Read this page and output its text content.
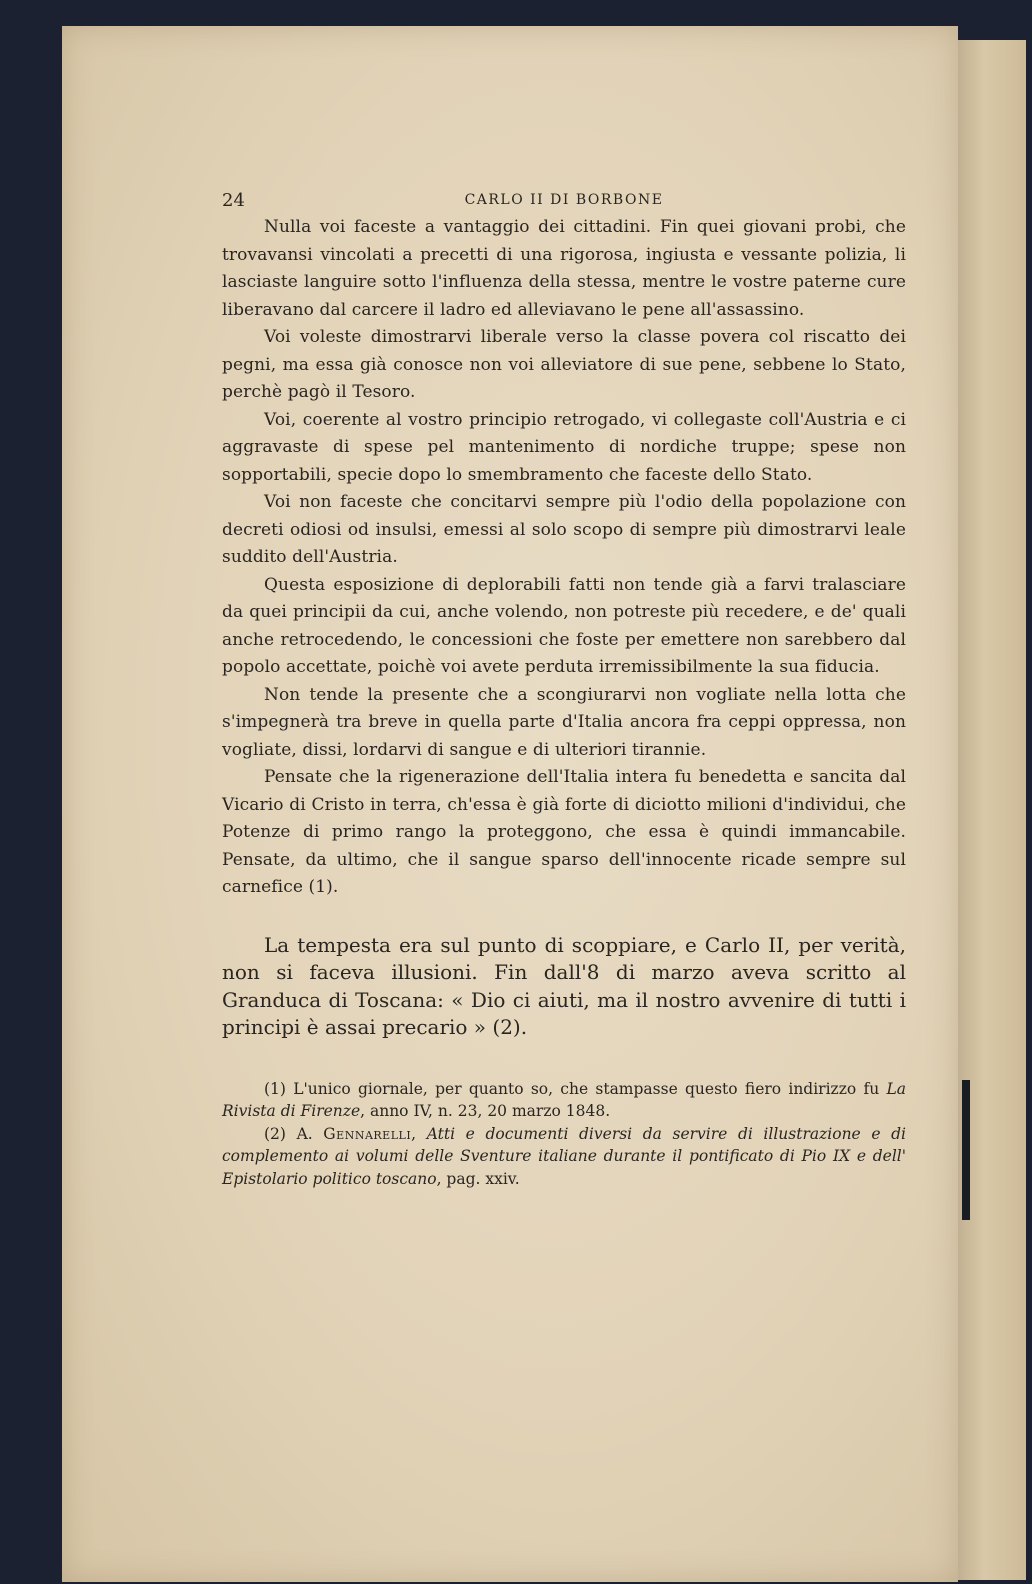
24	CARLO II DI BORBONE

Nulla voi faceste a vantaggio dei cittadini. Fin quei giovani probi, che trovavansi vincolati a precetti di una rigorosa, ingiusta e vessante polizia, li lasciaste languire sotto l'influenza della stessa, mentre le vostre paterne cure liberavano dal carcere il ladro ed alleviavano le pene all'assassino.

Voi voleste dimostrarvi liberale verso la classe povera col riscatto dei pegni, ma essa già conosce non voi alleviatore di sue pene, sebbene lo Stato, perchè pagò il Tesoro.

Voi, coerente al vostro principio retrogado, vi collegaste coll'Austria e ci aggravaste di spese pel mantenimento di nordiche truppe; spese non sopportabili, specie dopo lo smembramento che faceste dello Stato.

Voi non faceste che concitarvi sempre più l'odio della popolazione con decreti odiosi od insulsi, emessi al solo scopo di sempre più dimostrarvi leale suddito dell'Austria.

Questa esposizione di deplorabili fatti non tende già a farvi tralasciare da quei principii da cui, anche volendo, non potreste più recedere, e de' quali anche retrocedendo, le concessioni che foste per emettere non sarebbero dal popolo accettate, poichè voi avete perduta irremissibilmente la sua fiducia.

Non tende la presente che a scongiurarvi non vogliate nella lotta che s'impegnerà tra breve in quella parte d'Italia ancora fra ceppi oppressa, non vogliate, dissi, lordarvi di sangue e di ulteriori tirannie.

Pensate che la rigenerazione dell'Italia intera fu benedetta e sancita dal Vicario di Cristo in terra, ch'essa è già forte di diciotto milioni d'individui, che Potenze di primo rango la proteggono, che essa è quindi immancabile. Pensate, da ultimo, che il sangue sparso dell'innocente ricade sempre sul carnefice (1).

La tempesta era sul punto di scoppiare, e Carlo II, per verità, non si faceva illusioni. Fin dall'8 di marzo aveva scritto al Granduca di Toscana: « Dio ci aiuti, ma il nostro avvenire di tutti i principi è assai precario » (2).

(1) L'unico giornale, per quanto so, che stampasse questo fiero indirizzo fu La Rivista di Firenze, anno IV, n. 23, 20 marzo 1848.

(2) A. Gennarelli, Atti e documenti diversi da servire di illustrazione e di complemento ai volumi delle Sventure italiane durante il pontificato di Pio IX e dell' Epistolario politico toscano, pag. xxiv.
